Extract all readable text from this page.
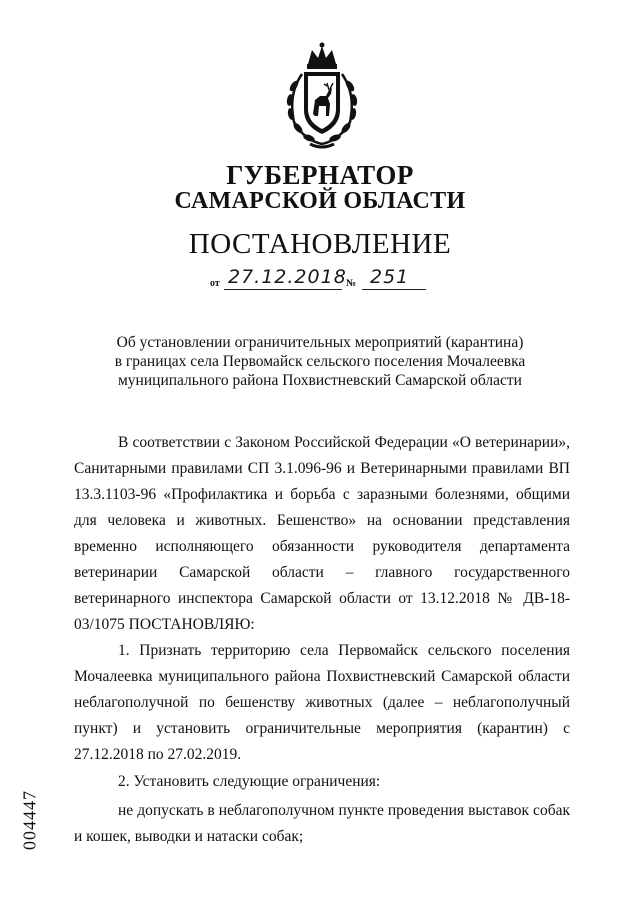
ГУБЕРНАТОР
САМАРСКОЙ ОБЛАСТИ
ПОСТАНОВЛЕНИЕ
от 27.12.2018 № 251
Об установлении ограничительных мероприятий (карантина)
в границах села Первомайск сельского поселения Мочалеевка
муниципального района Похвистневский Самарской области

В соответствии с Законом Российской Федерации «О ветеринарии», Санитарными правилами СП 3.1.096-96 и Ветеринарными правилами ВП 13.3.1103-96 «Профилактика и борьба с заразными болезнями, общими для человека и животных. Бешенство» на основании представления временно исполняющего обязанности руководителя департамента ветеринарии Самарской области – главного государственного ветеринарного инспектора Самарской области от 13.12.2018 № ДВ-18-03/1075 ПОСТАНОВЛЯЮ:

1. Признать территорию села Первомайск сельского поселения Мочалеевка муниципального района Похвистневский Самарской области неблагополучной по бешенству животных (далее – неблагополучный пункт) и установить ограничительные мероприятия (карантин) с 27.12.2018 по 27.02.2019.

2. Установить следующие ограничения:

не допускать в неблагополучном пункте проведения выставок собак и кошек, выводки и натаски собак;

004447
